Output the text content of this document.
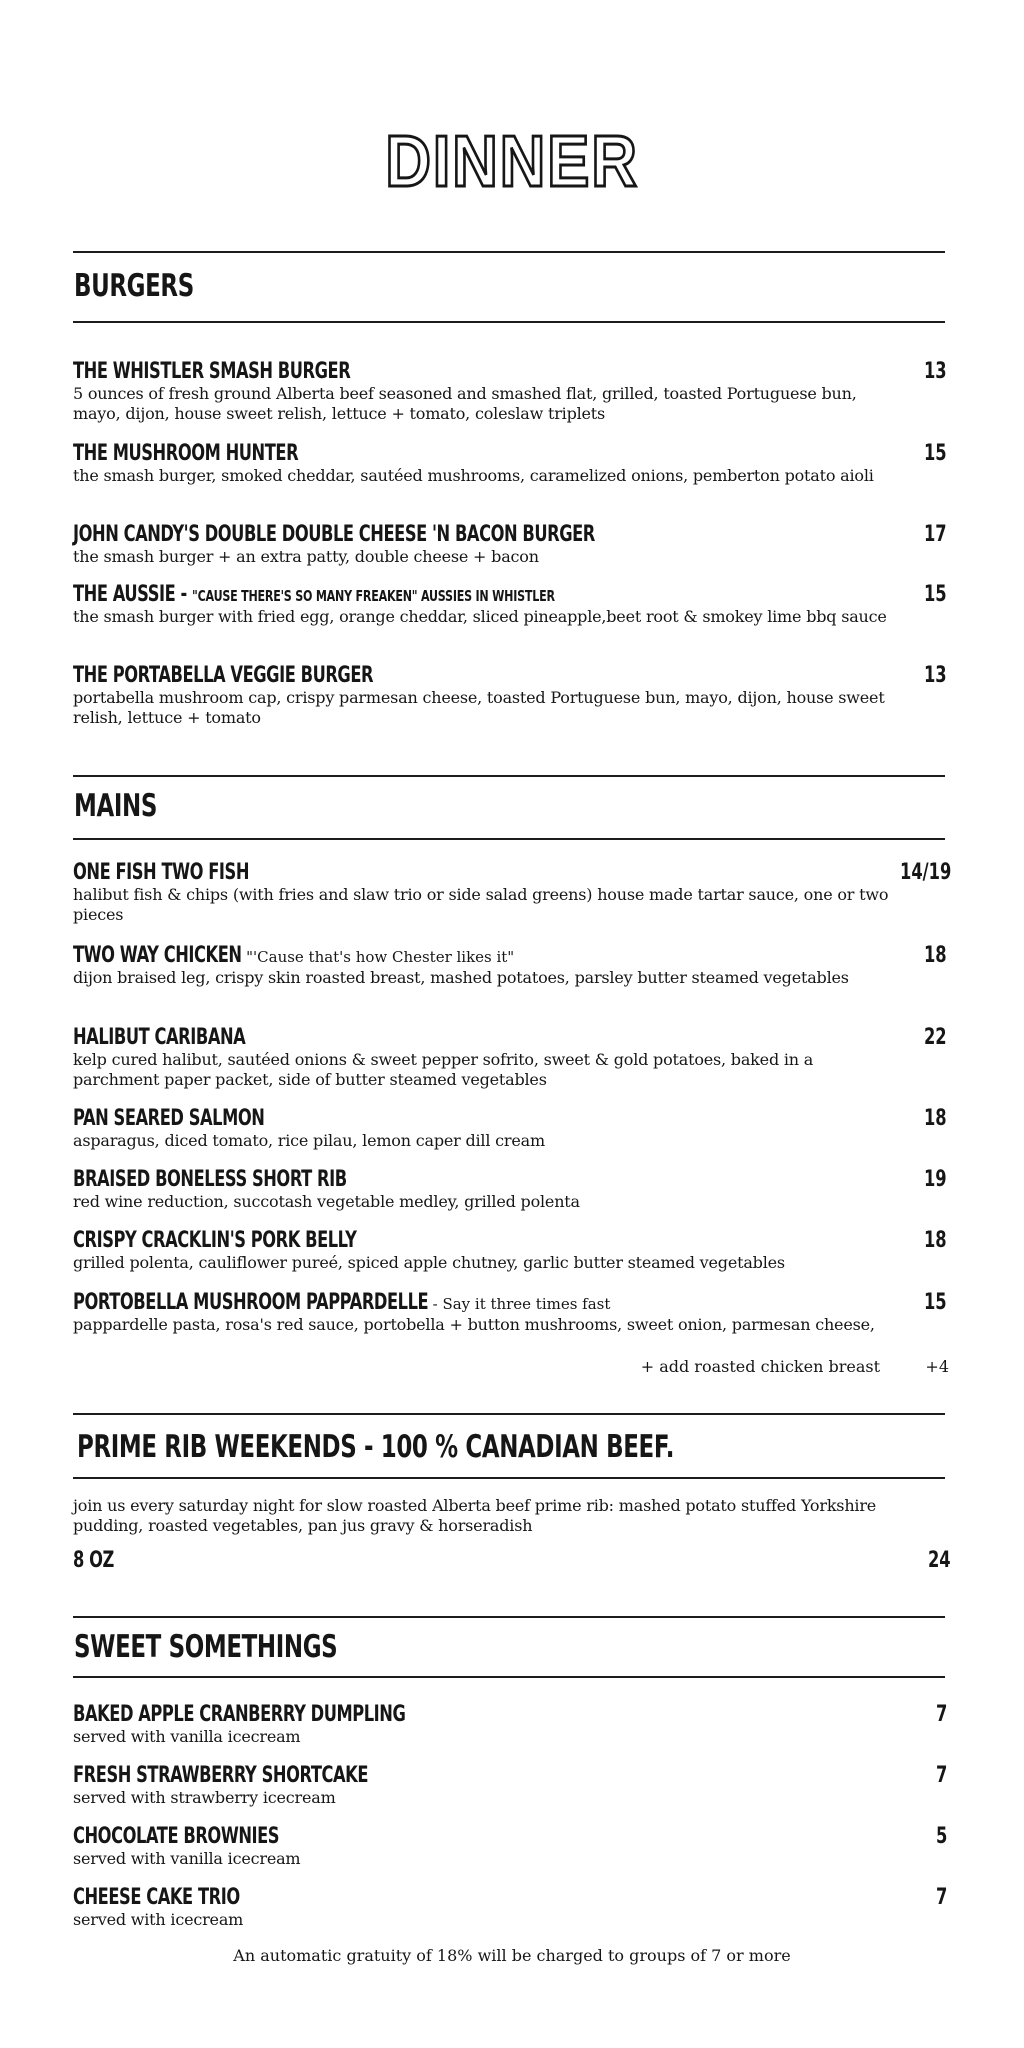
DINNER
BURGERS
THE WHISTLER SMASH BURGER	13
5 ounces of fresh ground Alberta beef seasoned and smashed flat, grilled, toasted Portuguese bun, mayo, dijon, house sweet relish, lettuce + tomato, coleslaw triplets
THE MUSHROOM HUNTER	15
the smash burger, smoked cheddar, sautéed mushrooms, caramelized onions, pemberton potato aioli
JOHN CANDY'S DOUBLE DOUBLE CHEESE 'N BACON BURGER	17
the smash burger + an extra patty, double cheese + bacon
THE AUSSIE - "CAUSE THERE'S SO MANY FREAKEN" AUSSIES IN WHISTLER	15
the smash burger with fried egg, orange cheddar, sliced pineapple,beet root & smokey lime bbq sauce
THE PORTABELLA VEGGIE BURGER	13
portabella mushroom cap, crispy parmesan cheese, toasted Portuguese bun, mayo, dijon, house sweet relish, lettuce + tomato
MAINS
ONE FISH TWO FISH	14/19
halibut fish & chips (with fries and slaw trio or side salad greens) house made tartar sauce, one or two pieces
TWO WAY CHICKEN "'Cause that's how Chester likes it"	18
dijon braised leg, crispy skin roasted breast, mashed potatoes, parsley butter steamed vegetables
HALIBUT CARIBANA	22
kelp cured halibut, sautéed onions & sweet pepper sofrito, sweet & gold potatoes, baked in a parchment paper packet, side of butter steamed vegetables
PAN SEARED SALMON	18
asparagus, diced tomato, rice pilau, lemon caper dill cream
BRAISED BONELESS SHORT RIB	19
red wine reduction, succotash vegetable medley, grilled polenta
CRISPY CRACKLIN'S PORK BELLY	18
grilled polenta, cauliflower pureé, spiced apple chutney, garlic butter steamed vegetables
PORTOBELLA MUSHROOM PAPPARDELLE - Say it three times fast	15
pappardelle pasta, rosa's red sauce, portobella + button mushrooms, sweet onion, parmesan cheese,
+ add roasted chicken breast	+4
PRIME RIB WEEKENDS - 100 % CANADIAN BEEF.
join us every saturday night for slow roasted Alberta beef prime rib: mashed potato stuffed Yorkshire pudding, roasted vegetables, pan jus gravy & horseradish
8 OZ	24
SWEET SOMETHINGS
BAKED APPLE CRANBERRY DUMPLING	7
served with vanilla icecream
FRESH STRAWBERRY SHORTCAKE	7
served with strawberry icecream
CHOCOLATE BROWNIES	5
served with vanilla icecream
CHEESE CAKE TRIO	7
served with icecream
An automatic gratuity of 18% will be charged to groups of 7 or more
